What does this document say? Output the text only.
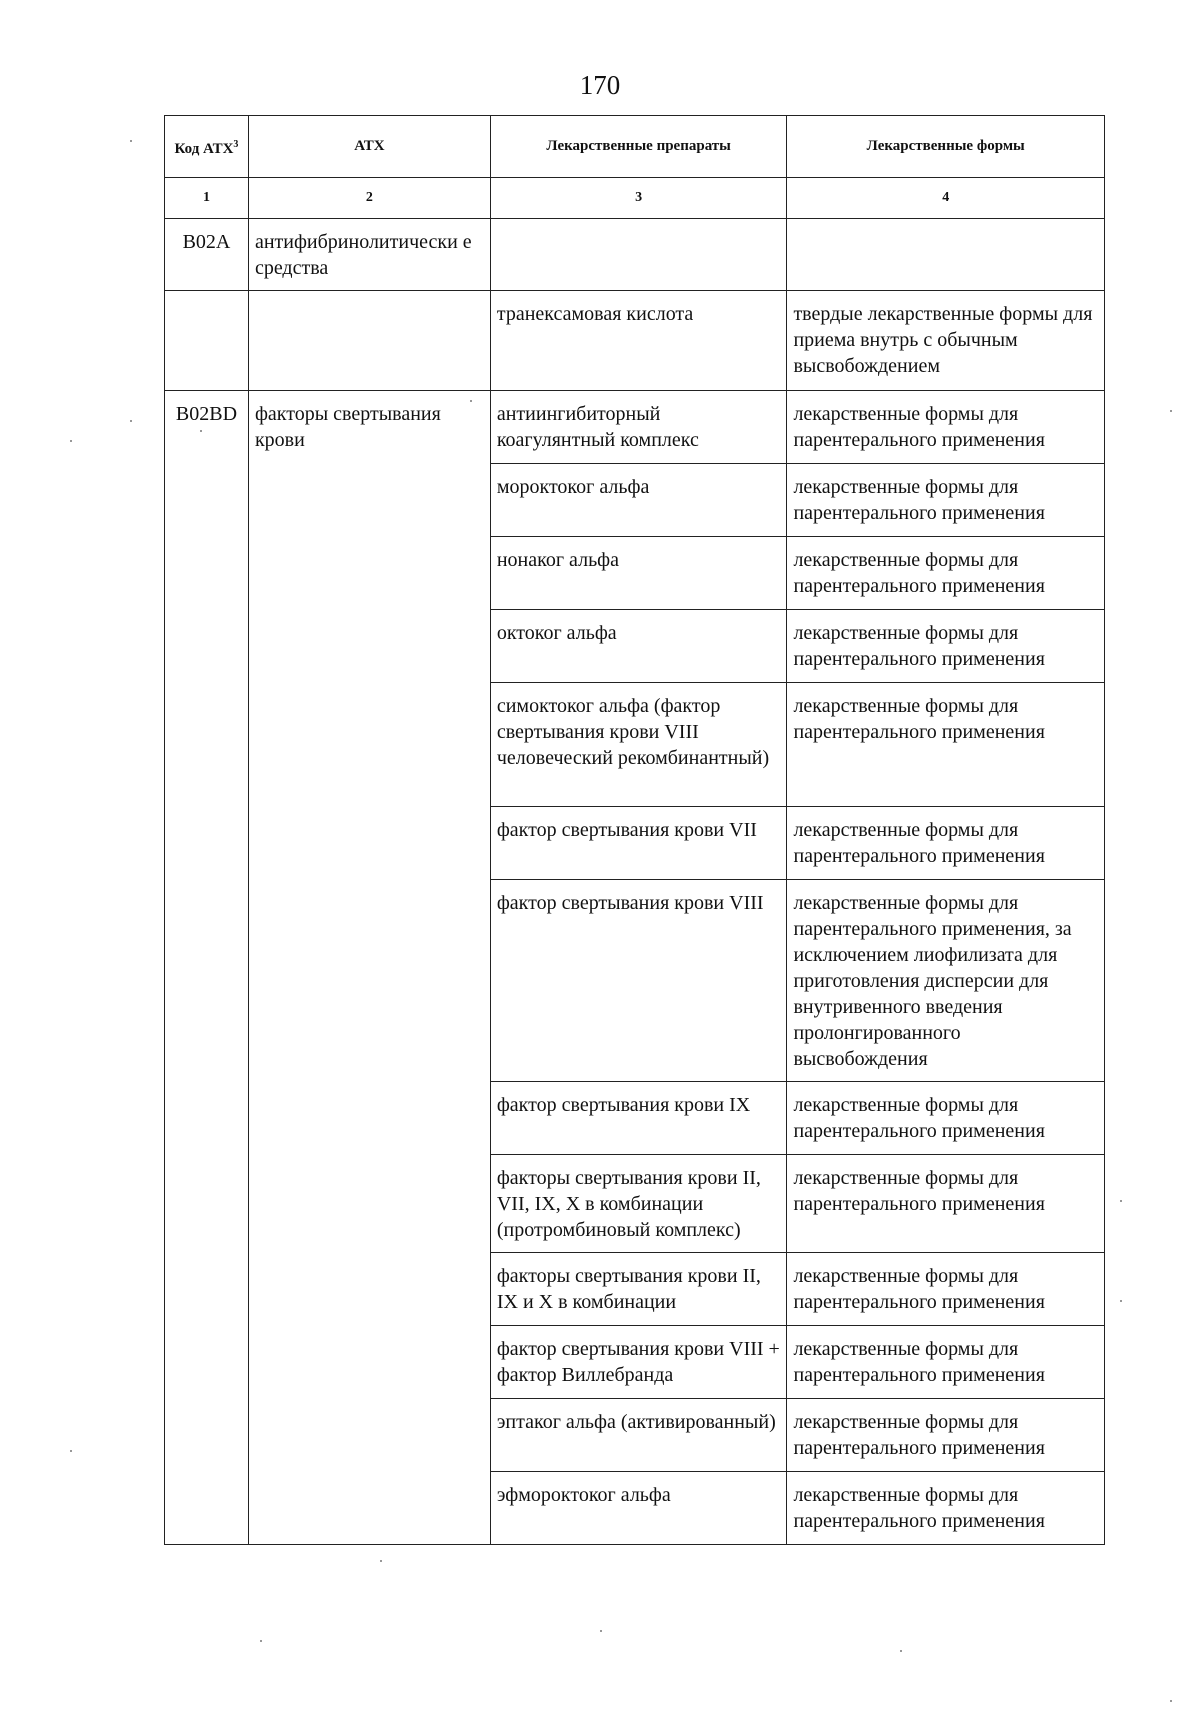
170
Код АТХ$^3$	АТХ	Лекарственные препараты	Лекарственные формы
1	2	3	4
B02A	антифибринолитически е средства		
		транексамовая кислота	твердые лекарственные формы для приема внутрь с обычным высвобождением
B02BD	факторы свертывания крови	антиингибиторный коагулянтный комплекс	лекарственные формы для парентерального применения
		мороктоког альфа	лекарственные формы для парентерального применения
		нонаког альфа	лекарственные формы для парентерального применения
		октоког альфа	лекарственные формы для парентерального применения
		симоктоког альфа (фактор свертывания крови VIII человеческий рекомбинантный)	лекарственные формы для парентерального применения
		фактор свертывания крови VII	лекарственные формы для парентерального применения
		фактор свертывания крови VIII	лекарственные формы для парентерального применения, за исключением лиофилизата для приготовления дисперсии для внутривенного введения пролонгированного высвобождения
		фактор свертывания крови IX	лекарственные формы для парентерального применения
		факторы свертывания крови II, VII, IX, X в комбинации (протромбиновый комплекс)	лекарственные формы для парентерального применения
		факторы свертывания крови II, IX и X в комбинации	лекарственные формы для парентерального применения
		фактор свертывания крови VIII + фактор Виллебранда	лекарственные формы для парентерального применения
		эптаког альфа (активированный)	лекарственные формы для парентерального применения
		эфмороктоког альфа	лекарственные формы для парентерального применения
